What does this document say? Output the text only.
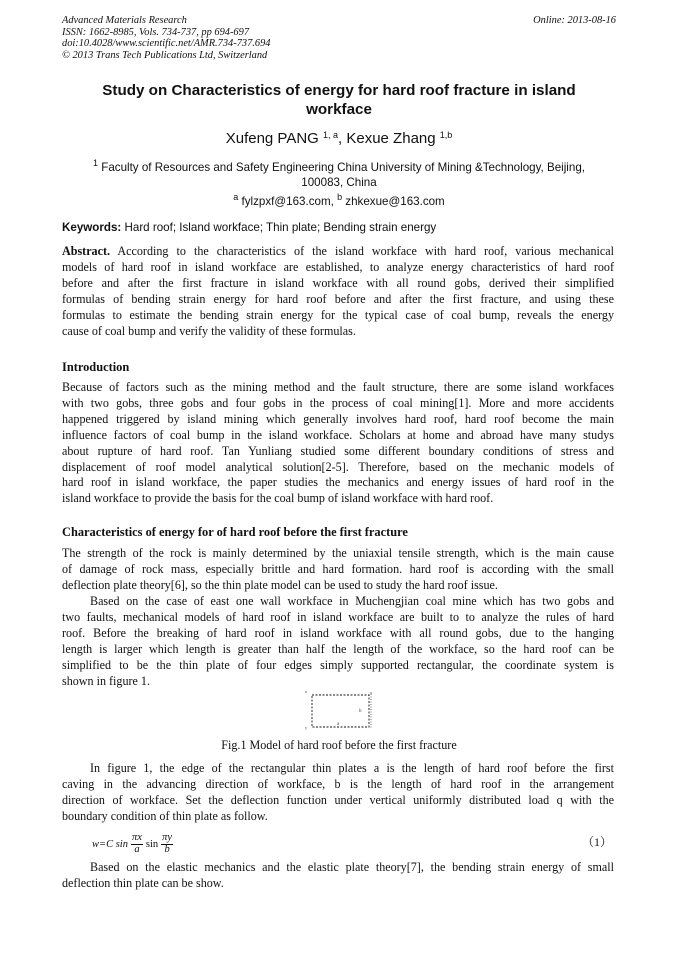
Advanced Materials Research
ISSN: 1662-8985, Vols. 734-737, pp 694-697
doi:10.4028/www.scientific.net/AMR.734-737.694
© 2013 Trans Tech Publications Ltd, Switzerland
Online: 2013-08-16
Study on Characteristics of energy for hard roof fracture in island
workface
Xufeng PANG $^{1, a}$, Kexue Zhang $^{1,b}$
$^1$ Faculty of Resources and Safety Engineering China University of Mining &Technology, Beijing,
100083, China
$^a$ fylzpxf@163.com, $^b$ zhkexue@163.com
Keywords: Hard roof; Island workface; Thin plate; Bending strain energy
Abstract. According to the characteristics of the island workface with hard roof, various mechanical
models of hard roof in island workface are established, to analyze energy characteristics of hard roof
before and after the first fracture in island workface with all round gobs, derived their simplified
formulas of bending strain energy for hard roof before and after the first fracture, and using these
formulas to estimate the bending strain energy for the typical case of coal bump, reveals the energy
cause of coal bump and verify the validity of these formulas.
Introduction
Because of factors such as the mining method and the fault structure, there are some island workfaces
with two gobs, three gobs and four gobs in the process of coal mining[1]. More and more accidents
happened triggered by island mining which generally involves hard roof, hard roof become the main
influence factors of coal bump in the island workface. Scholars at home and abroad have many studys
about rupture of hard roof. Tan Yunliang studied some different boundary conditions of stress and
displacement of roof model analytical solution[2-5]. Therefore, based on the mechanic models of
hard roof in island workface, the paper studies the mechanics and energy issues of hard roof in the
island workface to provide the basis for the coal bump of island workface with hard roof.
Characteristics of energy for of hard roof before the first fracture
The strength of the rock is mainly determined by the uniaxial tensile strength, which is the main cause
of damage of rock mass, especially brittle and hard formation. hard roof is according with the small
deflection plate theory[6], so the thin plate model can be used to study the hard roof issue.
Based on the case of east one wall workface in Muchengjian coal mine which has two gobs and
two faults, mechanical models of hard roof in island workface are built to to analyze the rules of hard
roof. Before the breaking of hard roof in island workface with all round gobs, due to the hanging
length is larger which length is greater than half the length of the workface, so the hard roof can be
simplified to be the thin plate of four edges simply supported rectangular, the coordinate system is
shown in figure 1.
o	x
y
b
a
Fig.1 Model of hard roof before the first fracture
In figure 1, the edge of the rectangular thin plates a is the length of hard roof before the first
caving in the advancing direction of workface, b is the length of hard roof in the arrangement
direction of workface. Set the deflection function under vertical uniformly distributed load q with the
boundary condition of thin plate as follow.
w=C $\sin \frac{\pi x}{a}$ $\sin \frac{\pi y}{b}$	（1）
Based on the elastic mechanics and the elastic plate theory[7], the bending strain energy of small
deflection thin plate can be show.
